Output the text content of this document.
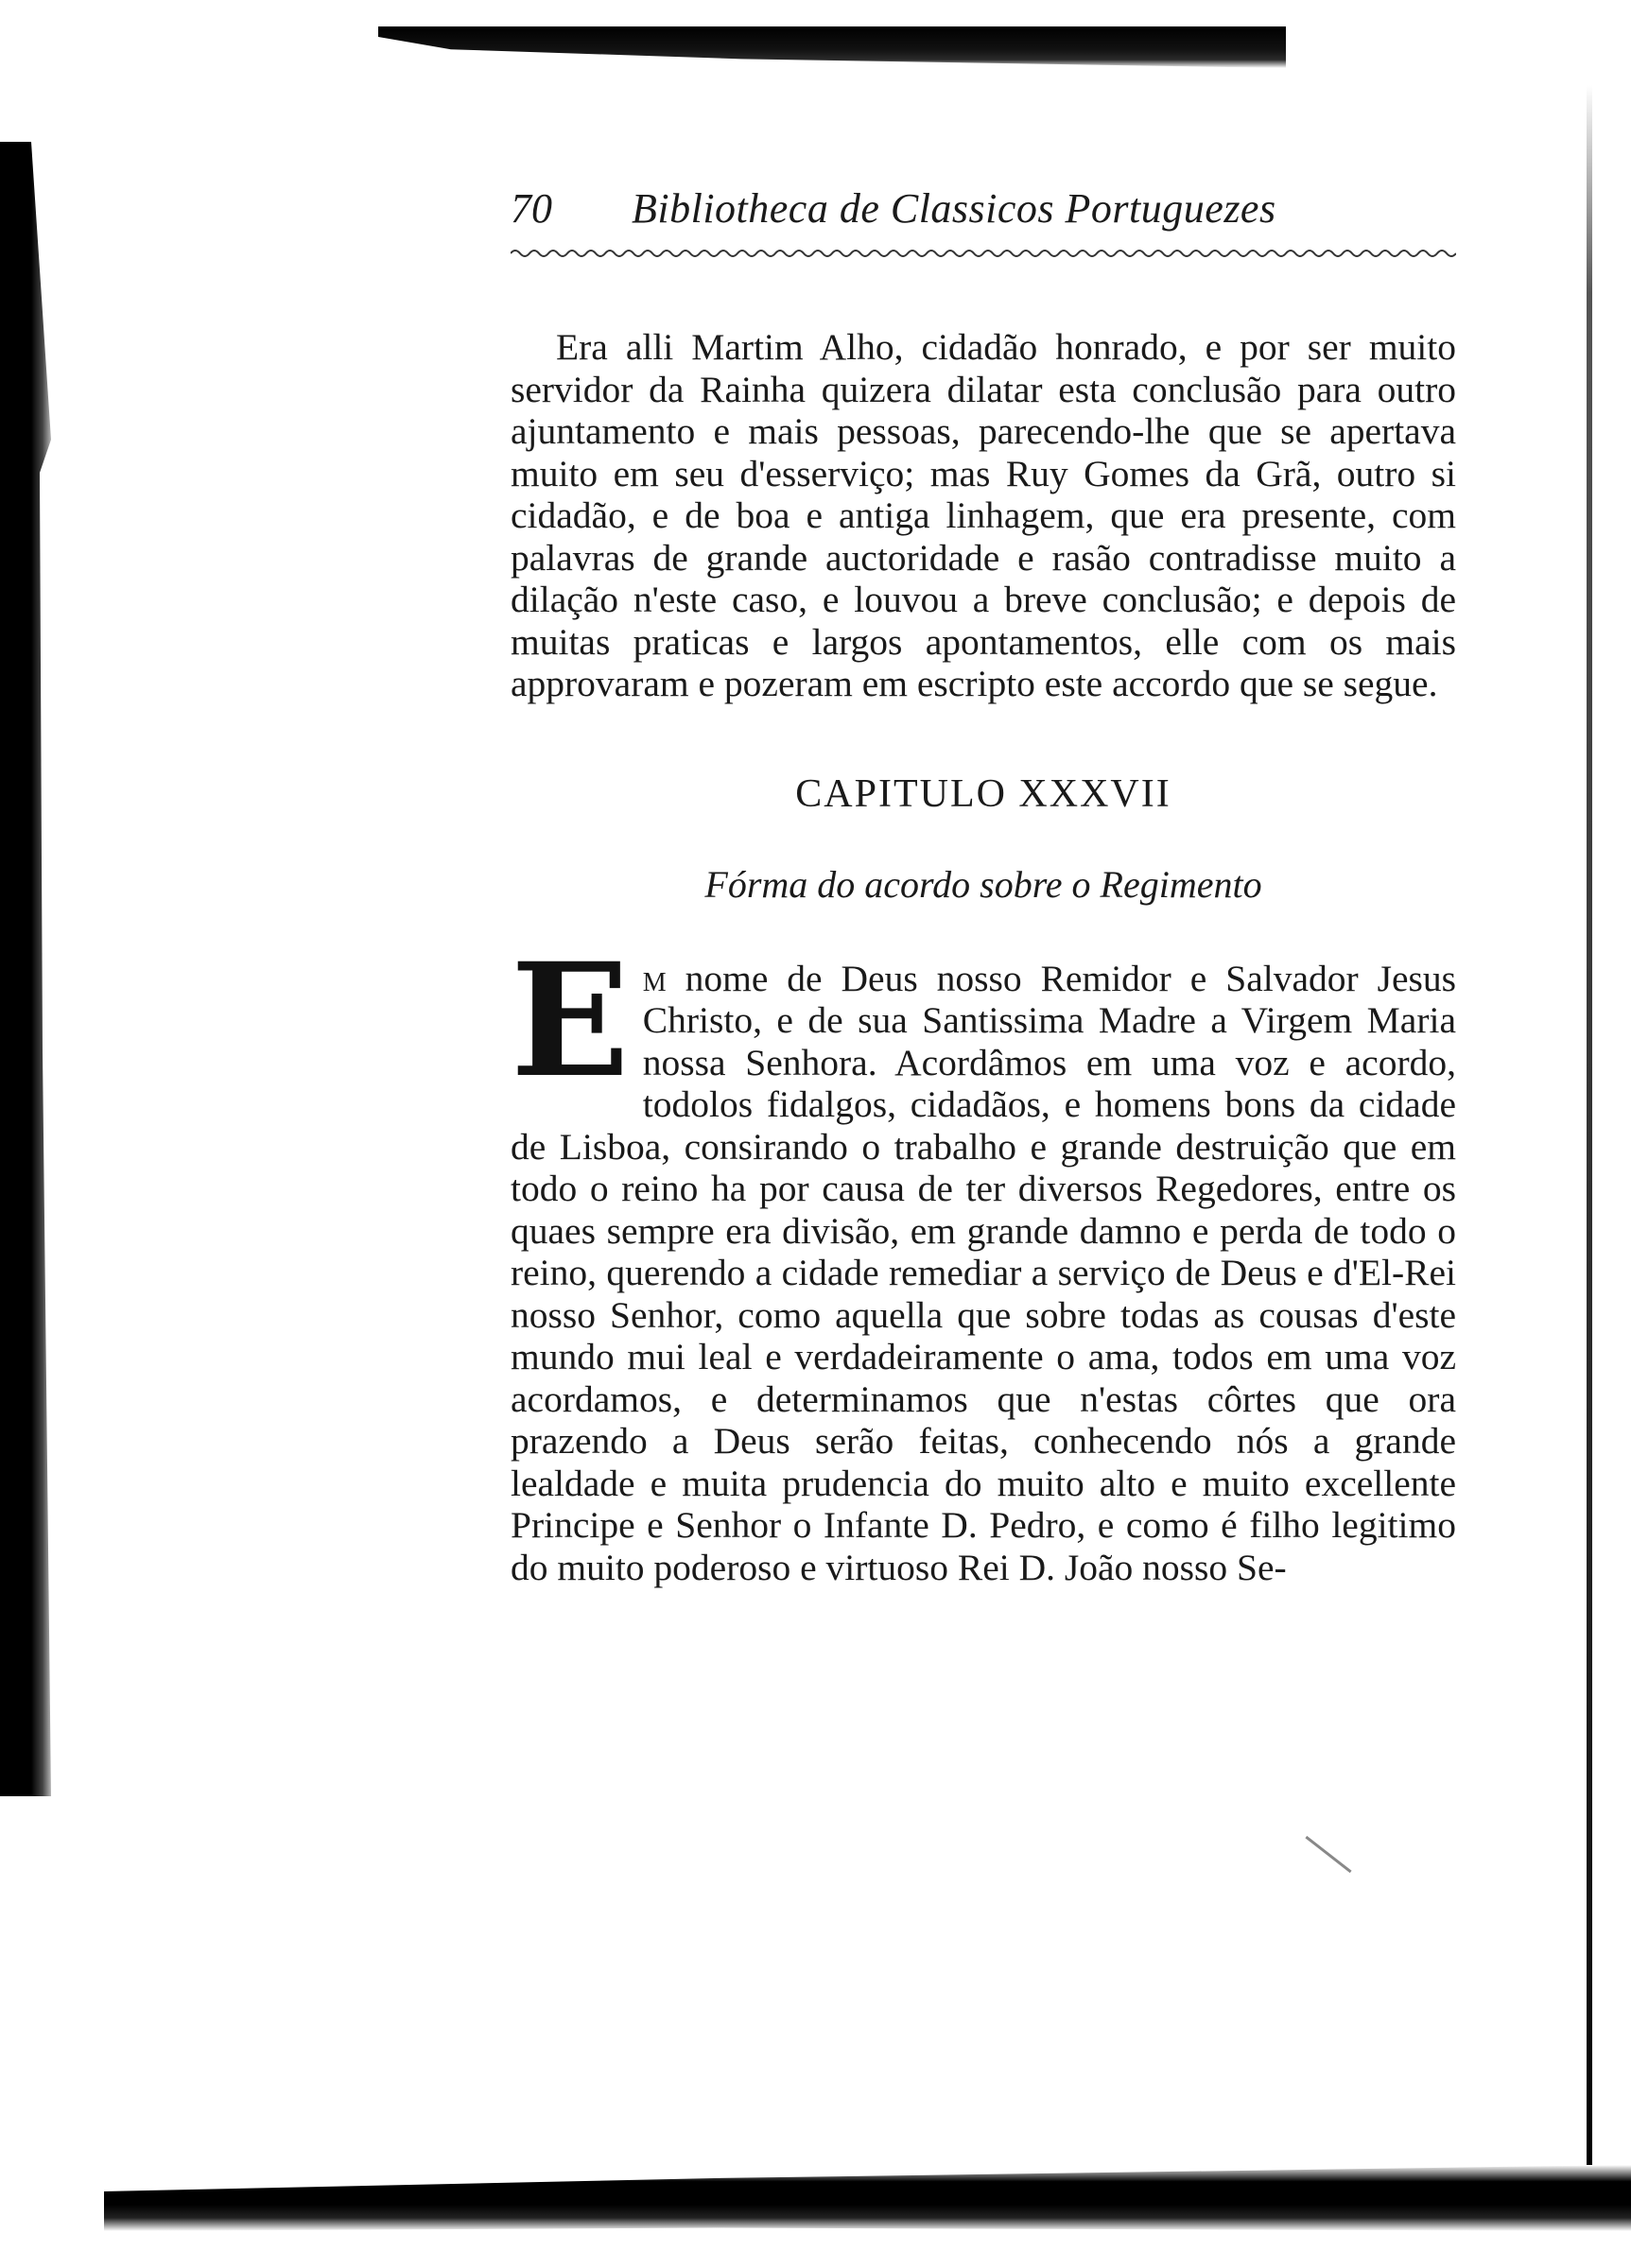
70	Bibliotheca de Classicos Portuguezes

Era alli Martim Alho, cidadão honrado, e por ser muito servidor da Rainha quizera dilatar esta conclusão para outro ajuntamento e mais pessoas, parecendo-lhe que se apertava muito em seu d'esserviço; mas Ruy Gomes da Grã, outro si cidadão, e de boa e antiga linhagem, que era presente, com palavras de grande auctoridade e rasão contradisse muito a dilação n'este caso, e louvou a breve conclusão; e depois de muitas praticas e largos apontamentos, elle com os mais approvaram e pozeram em escripto este accordo que se segue.

CAPITULO XXXVII
Fórma do acordo sobre o Regimento

Em nome de Deus nosso Remidor e Salvador Jesus Christo, e de sua Santissima Madre a Virgem Maria nossa Senhora. Acordâmos em uma voz e acordo, todolos fidalgos, cidadãos, e homens bons da cidade de Lisboa, consirando o trabalho e grande destruição que em todo o reino ha por causa de ter diversos Regedores, entre os quaes sempre era divisão, em grande damno e perda de todo o reino, querendo a cidade remediar a serviço de Deus e d'El-Rei nosso Senhor, como aquella que sobre todas as cousas d'este mundo mui leal e verdadeiramente o ama, todos em uma voz acordamos, e determinamos que n'estas côrtes que ora prazendo a Deus serão feitas, conhecendo nós a grande lealdade e muita prudencia do muito alto e muito excellente Principe e Senhor o Infante D. Pedro, e como é filho legitimo do muito poderoso e virtuoso Rei D. João nosso Se-
